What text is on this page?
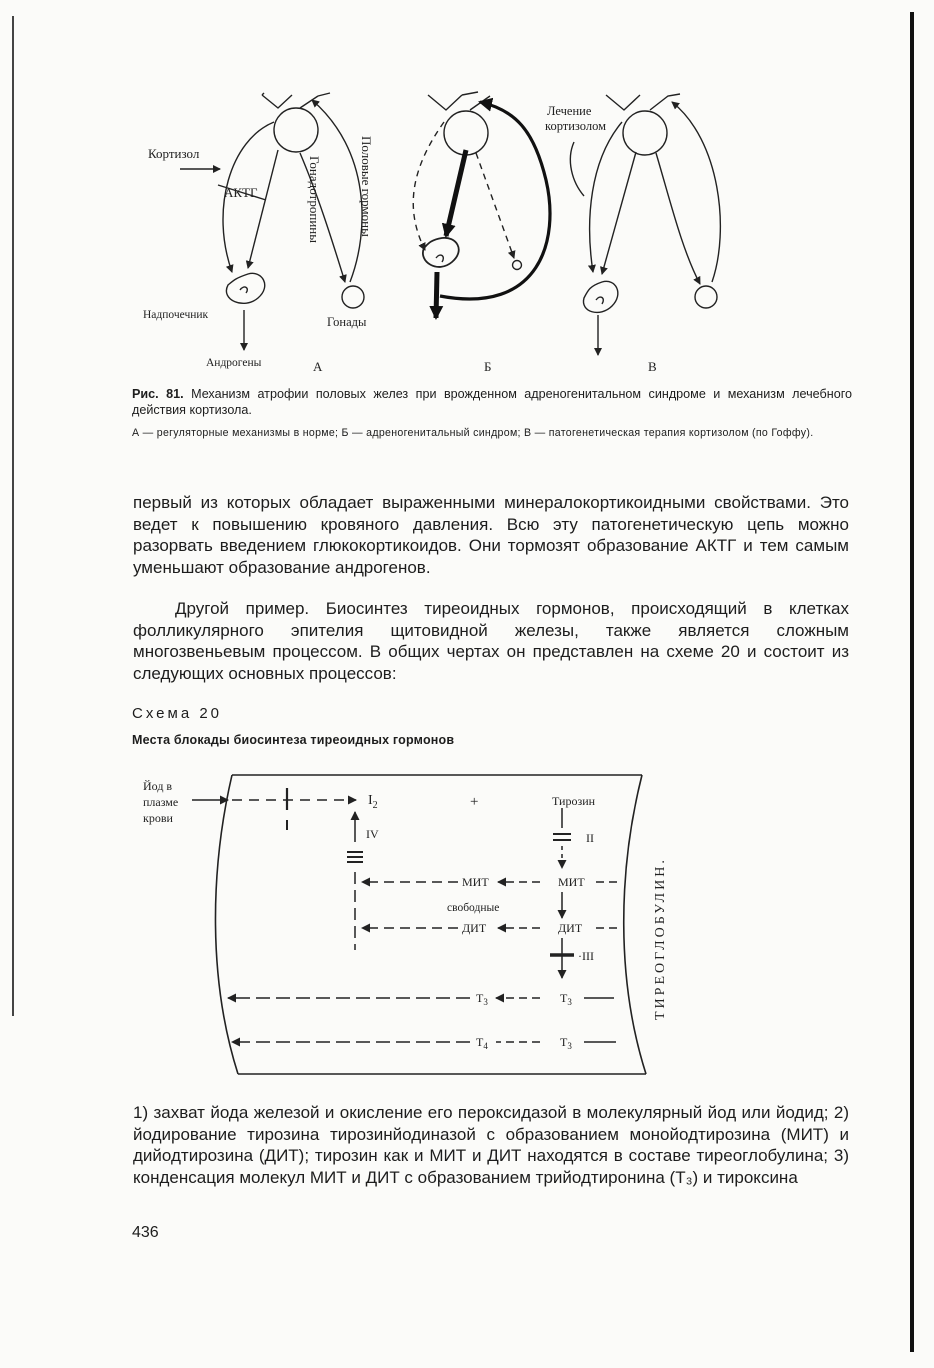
Кортизол
АКТГ
Надпочечник
Андрогены	А
Гонадотропины	Половые гормоны
Гонады
Б
Лечение
кортизолом
В
Рис. 81. Механизм атрофии половых желез при врожденном адреногенитальном синдроме и механизм лечебного действия кортизола.
А — регуляторные механизмы в норме; Б — адреногенитальный синдром; В — патогенетическая терапия кортизолом (по Гоффу).

первый из которых обладает выраженными минералокортикоидными свойствами. Это ведет к повышению кровяного давления. Всю эту патогенетическую цепь можно разорвать введением глюкокортикоидов. Они тормозят образование АКТГ и тем самым уменьшают образование андрогенов.

Другой пример. Биосинтез тиреоидных гормонов, происходящий в клетках фолликулярного эпителия щитовидной железы, также является сложным многозвеньевым процессом. В общих чертах он представлен на схеме 20 и состоит из следующих основных процессов:

Схема 20
Места блокады биосинтеза тиреоидных гормонов
Йод в
плазме
крови
$I_2$	+	Тирозин
II
IV
МИТ	МИТ
свободные
ДИТ	ДИТ
·III
$Т_3$	$Т_3$
$Т_4$	$Т_3$
ТИРЕОГЛОБУЛИН.

1) захват йода железой и окисление его пероксидазой в молекулярный йод или йодид; 2) йодирование тирозина тирозинйодиназой с образованием монойодтирозина (МИТ) и дийодтирозина (ДИТ); тирозин как и МИТ и ДИТ находятся в составе тиреоглобулина; 3) конденсация молекул МИТ и ДИТ с образованием трийодтиронина (Т₃) и тироксина

436
